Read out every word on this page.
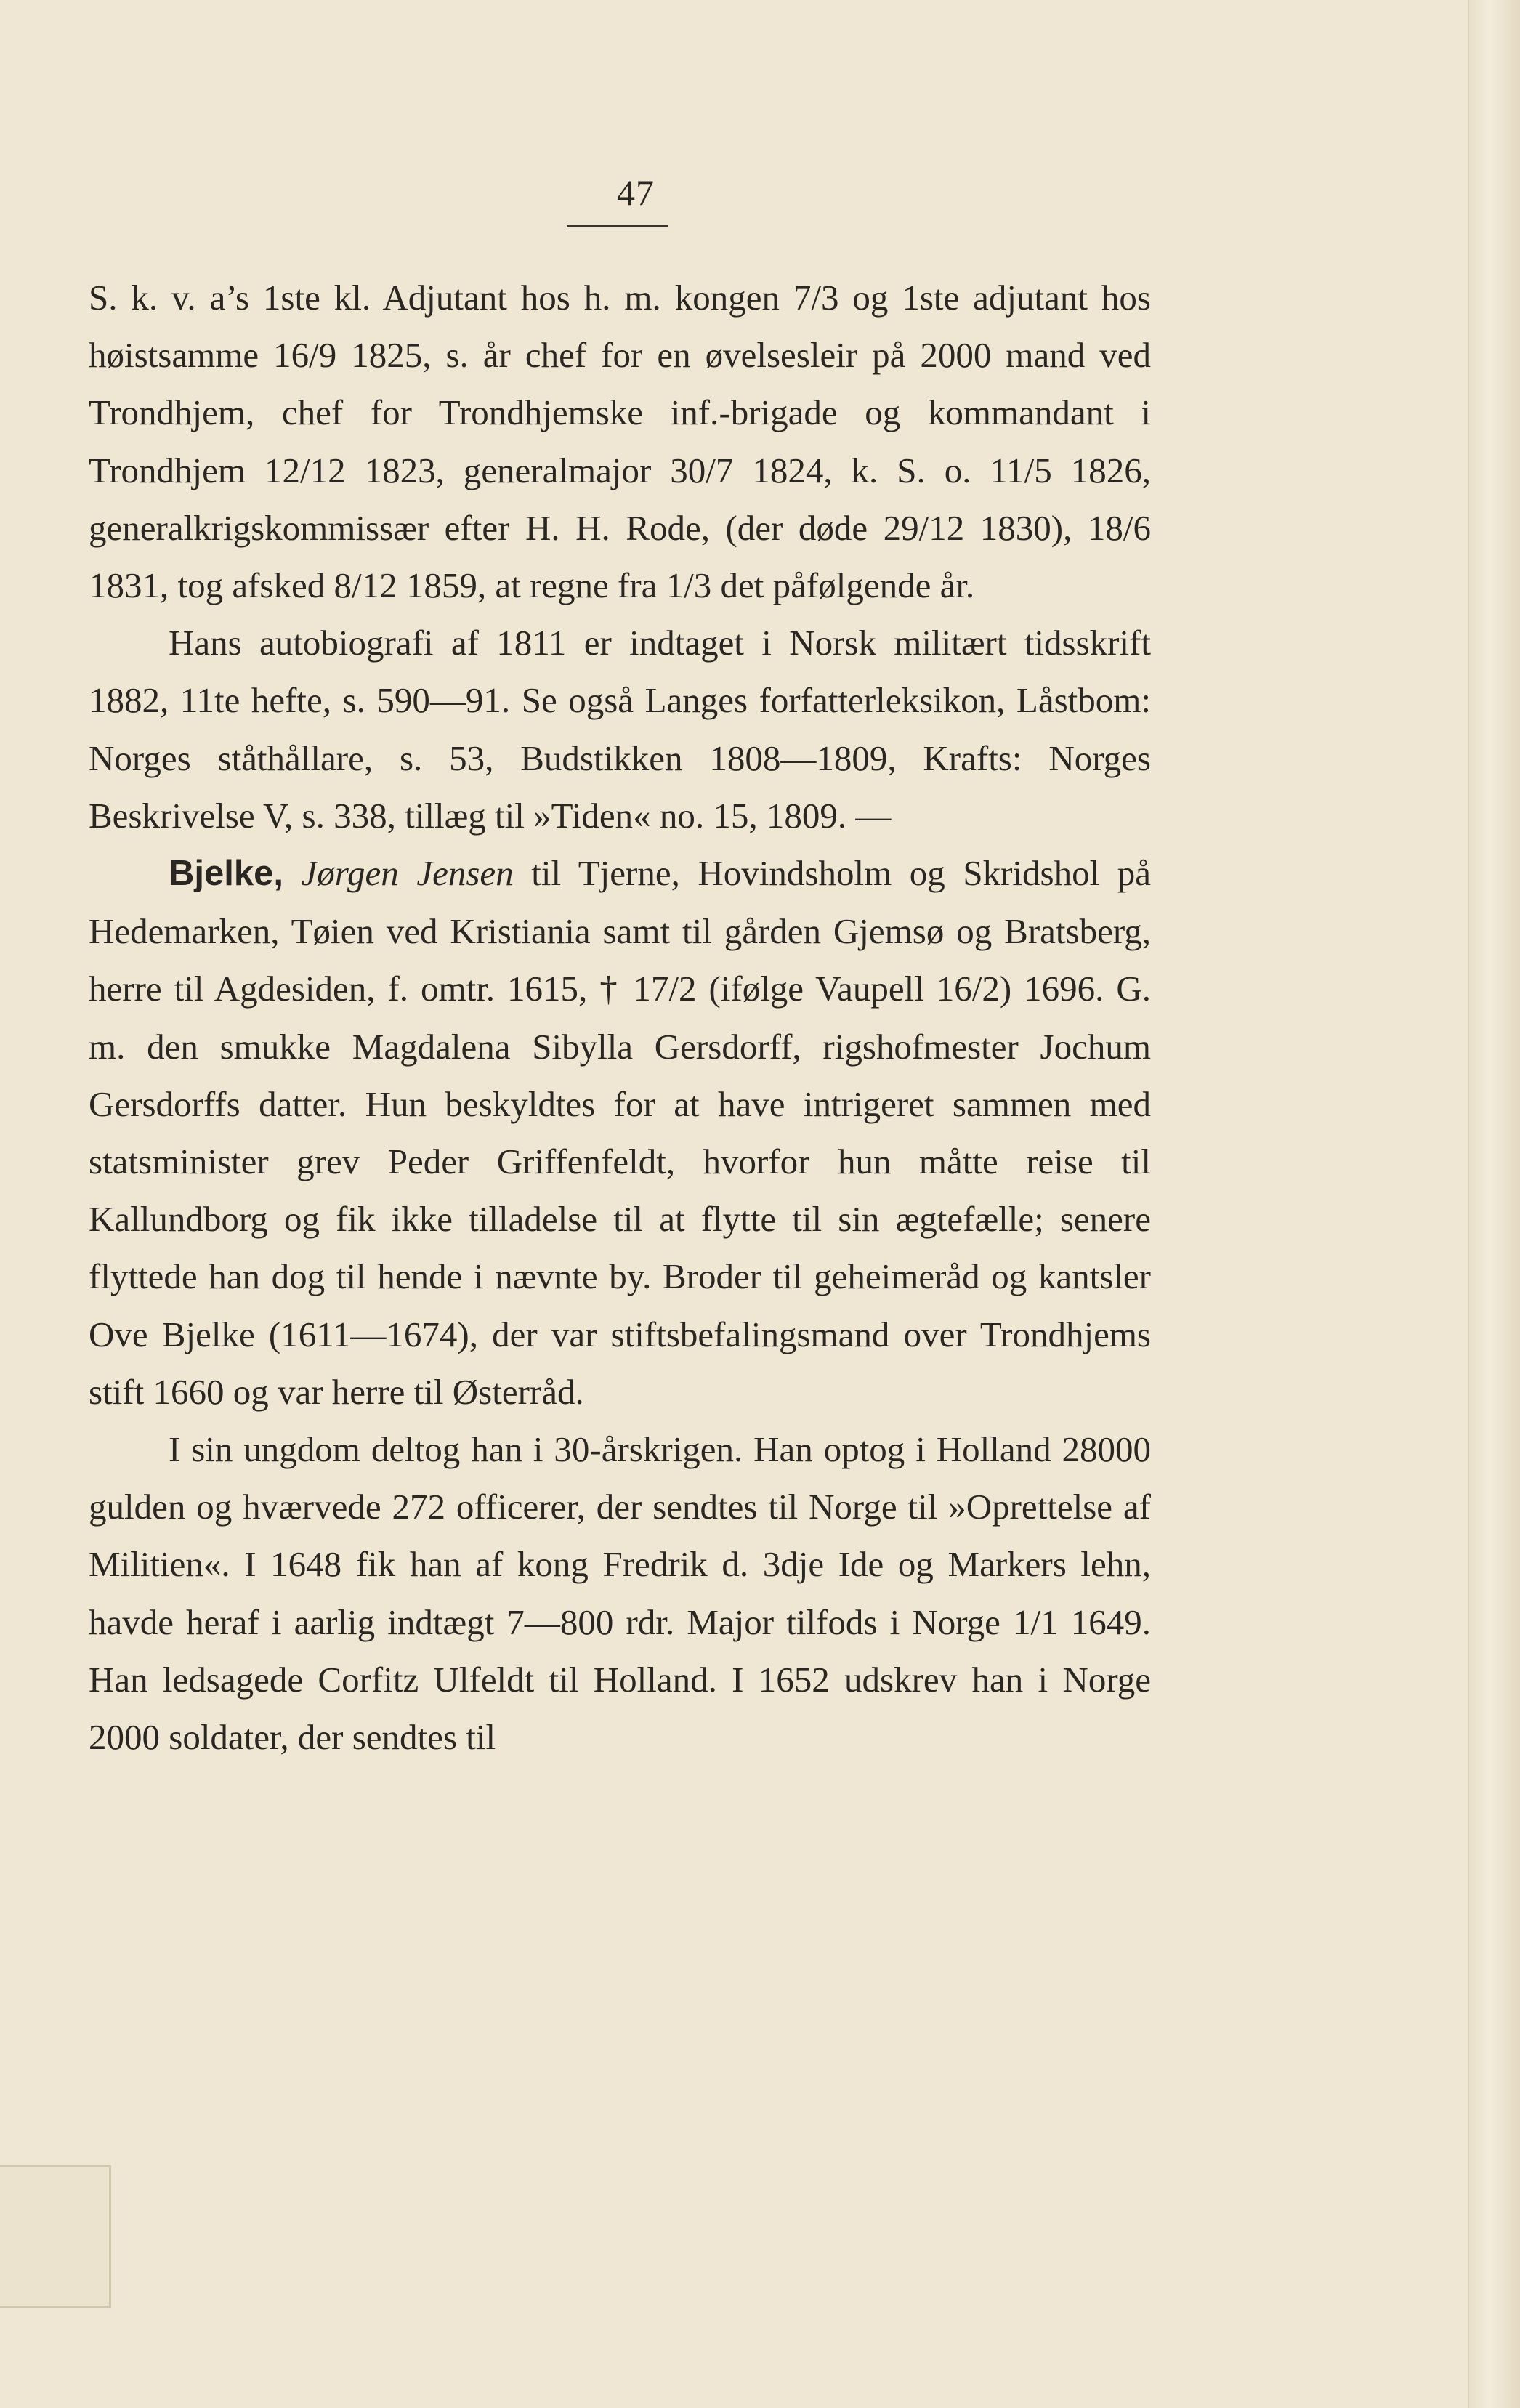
47

S. k. v. a’s 1ste kl. Adjutant hos h. m. kongen 7/3 og 1ste adjutant hos høistsamme 16/9 1825, s. år chef for en øvelsesleir på 2000 mand ved Trondhjem, chef for Trondhjemske inf.-brigade og kommandant i Trondhjem 12/12 1823, generalmajor 30/7 1824, k. S. o. 11/5 1826, generalkrigskommissær efter H. H. Rode, (der døde 29/12 1830), 18/6 1831, tog afsked 8/12 1859, at regne fra 1/3 det påfølgende år.

Hans autobiografi af 1811 er indtaget i Norsk militært tidsskrift 1882, 11te hefte, s. 590—91. Se også Langes forfatterleksikon, Låstbom: Norges ståthållare, s. 53, Budstikken 1808—1809, Krafts: Norges Beskrivelse V, s. 338, tillæg til »Tiden« no. 15, 1809. —

Bjelke, Jørgen Jensen til Tjerne, Hovindsholm og Skridshol på Hedemarken, Tøien ved Kristiania samt til gården Gjemsø og Bratsberg, herre til Agdesiden, f. omtr. 1615, † 17/2 (ifølge Vaupell 16/2) 1696. G. m. den smukke Magdalena Sibylla Gersdorff, rigshofmester Jochum Gersdorffs datter. Hun beskyldtes for at have intrigeret sammen med statsminister grev Peder Griffenfeldt, hvorfor hun måtte reise til Kallundborg og fik ikke tilladelse til at flytte til sin ægtefælle; senere flyttede han dog til hende i nævnte by. Broder til geheimeråd og kantsler Ove Bjelke (1611—1674), der var stiftsbefalingsmand over Trondhjems stift 1660 og var herre til Østerråd.

I sin ungdom deltog han i 30-årskrigen. Han optog i Holland 28000 gulden og hværvede 272 officerer, der sendtes til Norge til »Oprettelse af Militien«. I 1648 fik han af kong Fredrik d. 3dje Ide og Markers lehn, havde heraf i aarlig indtægt 7—800 rdr. Major tilfods i Norge 1/1 1649. Han ledsagede Corfitz Ulfeldt til Holland. I 1652 udskrev han i Norge 2000 soldater, der sendtes til
